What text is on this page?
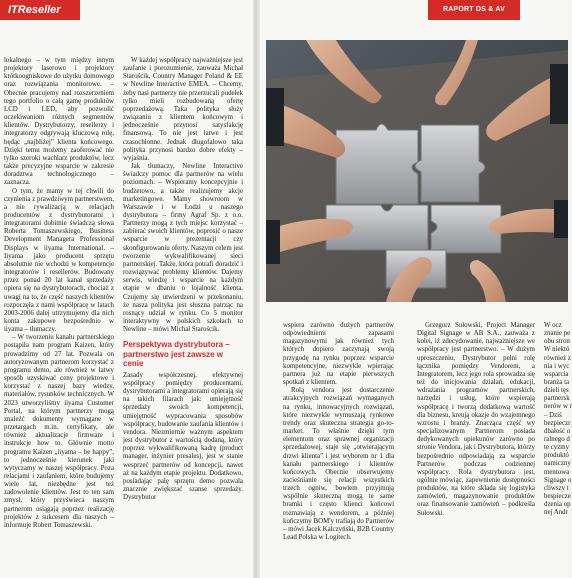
ITReseller	RAPORT DS & AV

lokalnego – w tym między innym projektory laserowe i projektory krótkoogniskowe do użytku domowego oraz rozwiązania monitorowe. – Obecnie pracujemy nad rozszerzeniem tego portfolio o całą gamę produktów LCD i LED, aby pozwolić oczekiwaniom różnych segmentów klientów. Dystrybutorzy, resellerzy i integratorzy odgrywają kluczową rolę, będąc „najbliżej” klienta końcowego. Dzięki temu możemy zaoferować nie tylko szeroki wachlarz produktów, lecz także precyzyjne wsparcie w zakresie doradztwa technologicznego – zaznacza.

O tym, że mamy w tej chwili do czynienia z prawdziwym partnerstwem, a nie rywalizacją w relacjach producentów z dystrybutorami i integratorami dobitnie świadczą słowa Roberta Tomaszewskiego, Business Development Managera Professional Displays w iiyama International. – Iiyama jako producent sprzętu absolutnie nie wchodzi w kompetencje integratorów i resellerów. Budowany przez ponad 20 lat kanał sprzedaży opiera się na dystrybutorach, chociaż z uwagi na to, że część naszych klientów rozpoczęła z nami współpracę w latach 2003-2006 dalej utrzymujemy dla nich konta zakupowe bezpośrednio w iiyama – tłumaczy.

– W tworzeniu kanału partnerskiego postąpiła nam program Kaizen, który prowadzimy od 27 lat. Pozwala on autoryzowanym partnerom korzystać z programu demo, ale również w łatwy sposób uzyskiwać ceny projektowe i korzystać z naszej bazy wiedzy, materiałów, rysunków technicznych. W 2023 utworzyliśmy iiyama Customer Portal, na którym partnerzy mogą znaleźć dokumenty wymagane w przetargach m.in. certyfikaty, ale również aktualizacje firmware i instrukcje how to. Głównie motto programu Kaizen „iiyama – be happy”, to jednocześnie kierunek jaki wytyczamy w naszej współpracy. Poza relacjami i zaufaniem, które budujemy wiele lat, niezbędne jest też zadowolenie klientów. Jest to ten sam zmysł, który przyświeca naszym partnerom osiągają poprzez realizację projektów z sukcesem dla naszych – informuje Robert Tomaszewski.

W każdej współpracy najważniejsze jest zaufanie i porozumienie, zauważa Michał Starościk, Country Manager Poland & EE w Newline Interactive EMEA. – Chcemy, żeby nasi partnerzy nie przerzucali pudełek tylko mieli rozbudowaną ofertę poprzedażową. Taka polityka służy związaniu z klientem końcowym i jednocześnie przynosi satysfakcję finansową. To nie jest łatwe i jest czasochłonne. Jednak długofalowo taka polityka przynosi bardzo dobre efekty – wyjaśnia.

Jak tłumaczy, Newline Interactive świadczy pomoc dla partnerów na wielu poziomach. – Wspieramy koncepcyjnie i budżetowo, a także realizujemy akcje marketingowe. Mamy showroom w Warszawie i w Łodzi u naszego dystrybutora – firmy Agraf Sp. z o.o. Partnerzy mogą z tych miejsc korzystać – zabierać swoich klientów, poprosić o nasze wsparcie w prezentacji czy skonfigurowaniu oferty. Naszym celem jest tworzenie wykwalifikowanej sieci partnerskiej. Także, która potrafi doradzić i rozwiązywać problemy klientów. Dajemy serwis, wiedzę i wsparcie na każdym etapie w dbaniu o lojalność klienta. Czujemy się utwierdzeni w przekonaniu, że nasza polityka jest słuszna patrząc na rosnący udział w rynku. Co 5 monitor interaktywny w polskich szkołach to Newline – mówi Michał Starościk.

Perspektywa dystrybutora – partnerstwo jest zawsze w cenie

Zasady współczesnej, efektywnej współpracy pomiędzy producentami, dystrybutorami a integratorami opierają się na takich filarach jak: umiejętność sprzedaży swoich kompetencji, umiejętność wypracowania sposobów współpracy, budowanie zaufania klientów i vendora. Niezmiernie ważnym aspektem jest dystrybutor z wartością dodaną, który poprzez wykwalifikowaną kadrę (product manager, inżynier presales), jest w stanie wesprzeć partnerów od koncepcji, nawet aż na każdym etapie projektu. Dodatkowo, posiadając palę sprzętu demo pozwala znacznie zwiększać szanse sprzedaży. Dystrybutor

wspiera zarówno dużych partnerów odpowiedniemi zapasami magazynowymi jak również tych których dopiero zaczynają swoją przygodę na rynku poprzez wsparcie kompetencyjne, niezwykle wpierając partnera już na etapie pierwszych spotkań z klientem.

Rolą vendora jest dostarczenie atrakcyjnych rozwiązań wymaganych na rynku, innowacyjnych rozwiązań, które niezwykle wymuszają rynkowe trendy oraz skuteczna strategia go-to-market. To właśnie dzięki tym elementom oraz sprawnej organizacji sprzedażowej, staje się „otwierającym drzwi klienta” i jest wyborem nr 1 dla kanału partnerskiego i klientów końcowych. Obecnie obserwujemy zacieśnianie się relacji wszystkich trzech ogniw, bowiem przyjmują wspólnie skuteczną mogą te same bramki i często klienci końcowi rozmawiają z wendorem, a później kończymy BOM'y trafiają do Partnerów – mówi Jacek Kalczyński, B2B Country Lead Polska w Logitech.

Grzegorz Sułowski, Project Manager Digital Signage w AB S.A., zauważa z kolei, iż zdecydowanie, najważniejsze we współpracy jest partnerstwo. – W dużym uproszczeniu, Dystrybutor pełni rolę łącznika pomiędzy Vendorem, a Integratorem, lecz jego rola sprowadza się też do inicjowania działań, edukacji, wdrażania programów partnerskich, narzędzi i usług, które wspierają współpracę i tworzą dodatkową wartość dla biznesu, kreują okazje do wzajemnego wzrostu i branży. Znacząca część wy specjalizowanym Partnerom posiada dedykowanych opiekunów zarówno po stronie Vendora, jak i Dystrybutora, którzy bezpośrednio odpowiadają za wsparcie Partnerów podczas codziennej współpracy. Rola dystrybutora jest, ogólnie mówiąc, zapewnienie dostępności produktów, na które składa się logistyka zamówień, magazynowanie produktów oraz finansowanie zamówień – podkreśla Sułowski.

W ocz
znanie pe
obu stron
W niektó
również z
nia i wyc
wsparcia
branża ta
dzieli tęs
partnersk
nerów w r
– Dziś
bezpieczr
dbałość o
ralnego d
te cyzmy
produktó
namiczny
mentowa
Signage o
cliwszy t
bespiecze
dzenia op
nej Andr
